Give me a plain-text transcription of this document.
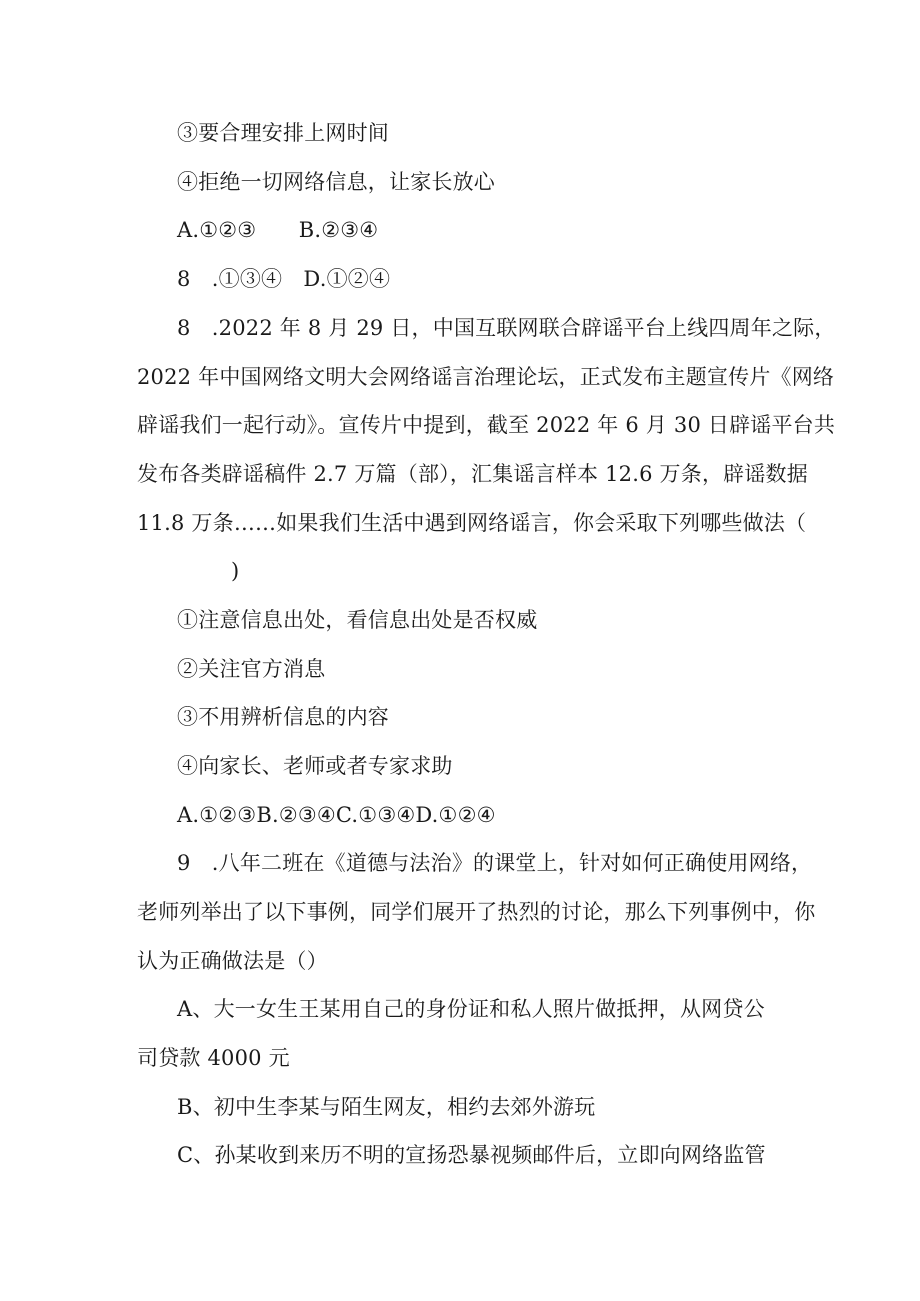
③要合理安排上网时间
④拒绝一切网络信息，让家长放心
A.①②③　　B.②③④
8　.①③④　D.①②④
8　.2022 年 8 月 29 日，中国互联网联合辟谣平台上线四周年之际，
2022 年中国网络文明大会网络谣言治理论坛，正式发布主题宣传片《网络
辟谣我们一起行动》。宣传片中提到，截至 2022 年 6 月 30 日辟谣平台共
发布各类辟谣稿件 2.7 万篇（部），汇集谣言样本 12.6 万条，辟谣数据
11.8 万条……如果我们生活中遇到网络谣言，你会采取下列哪些做法（
)
①注意信息出处，看信息出处是否权威
②关注官方消息
③不用辨析信息的内容
④向家长、老师或者专家求助
A.①②③B.②③④C.①③④D.①②④
9　.八年二班在《道德与法治》的课堂上，针对如何正确使用网络，
老师列举出了以下事例，同学们展开了热烈的讨论，那么下列事例中，你
认为正确做法是（）
A、大一女生王某用自己的身份证和私人照片做抵押，从网贷公
司贷款 4000 元
B、初中生李某与陌生网友，相约去郊外游玩
C、孙某收到来历不明的宣扬恐暴视频邮件后，立即向网络监管
